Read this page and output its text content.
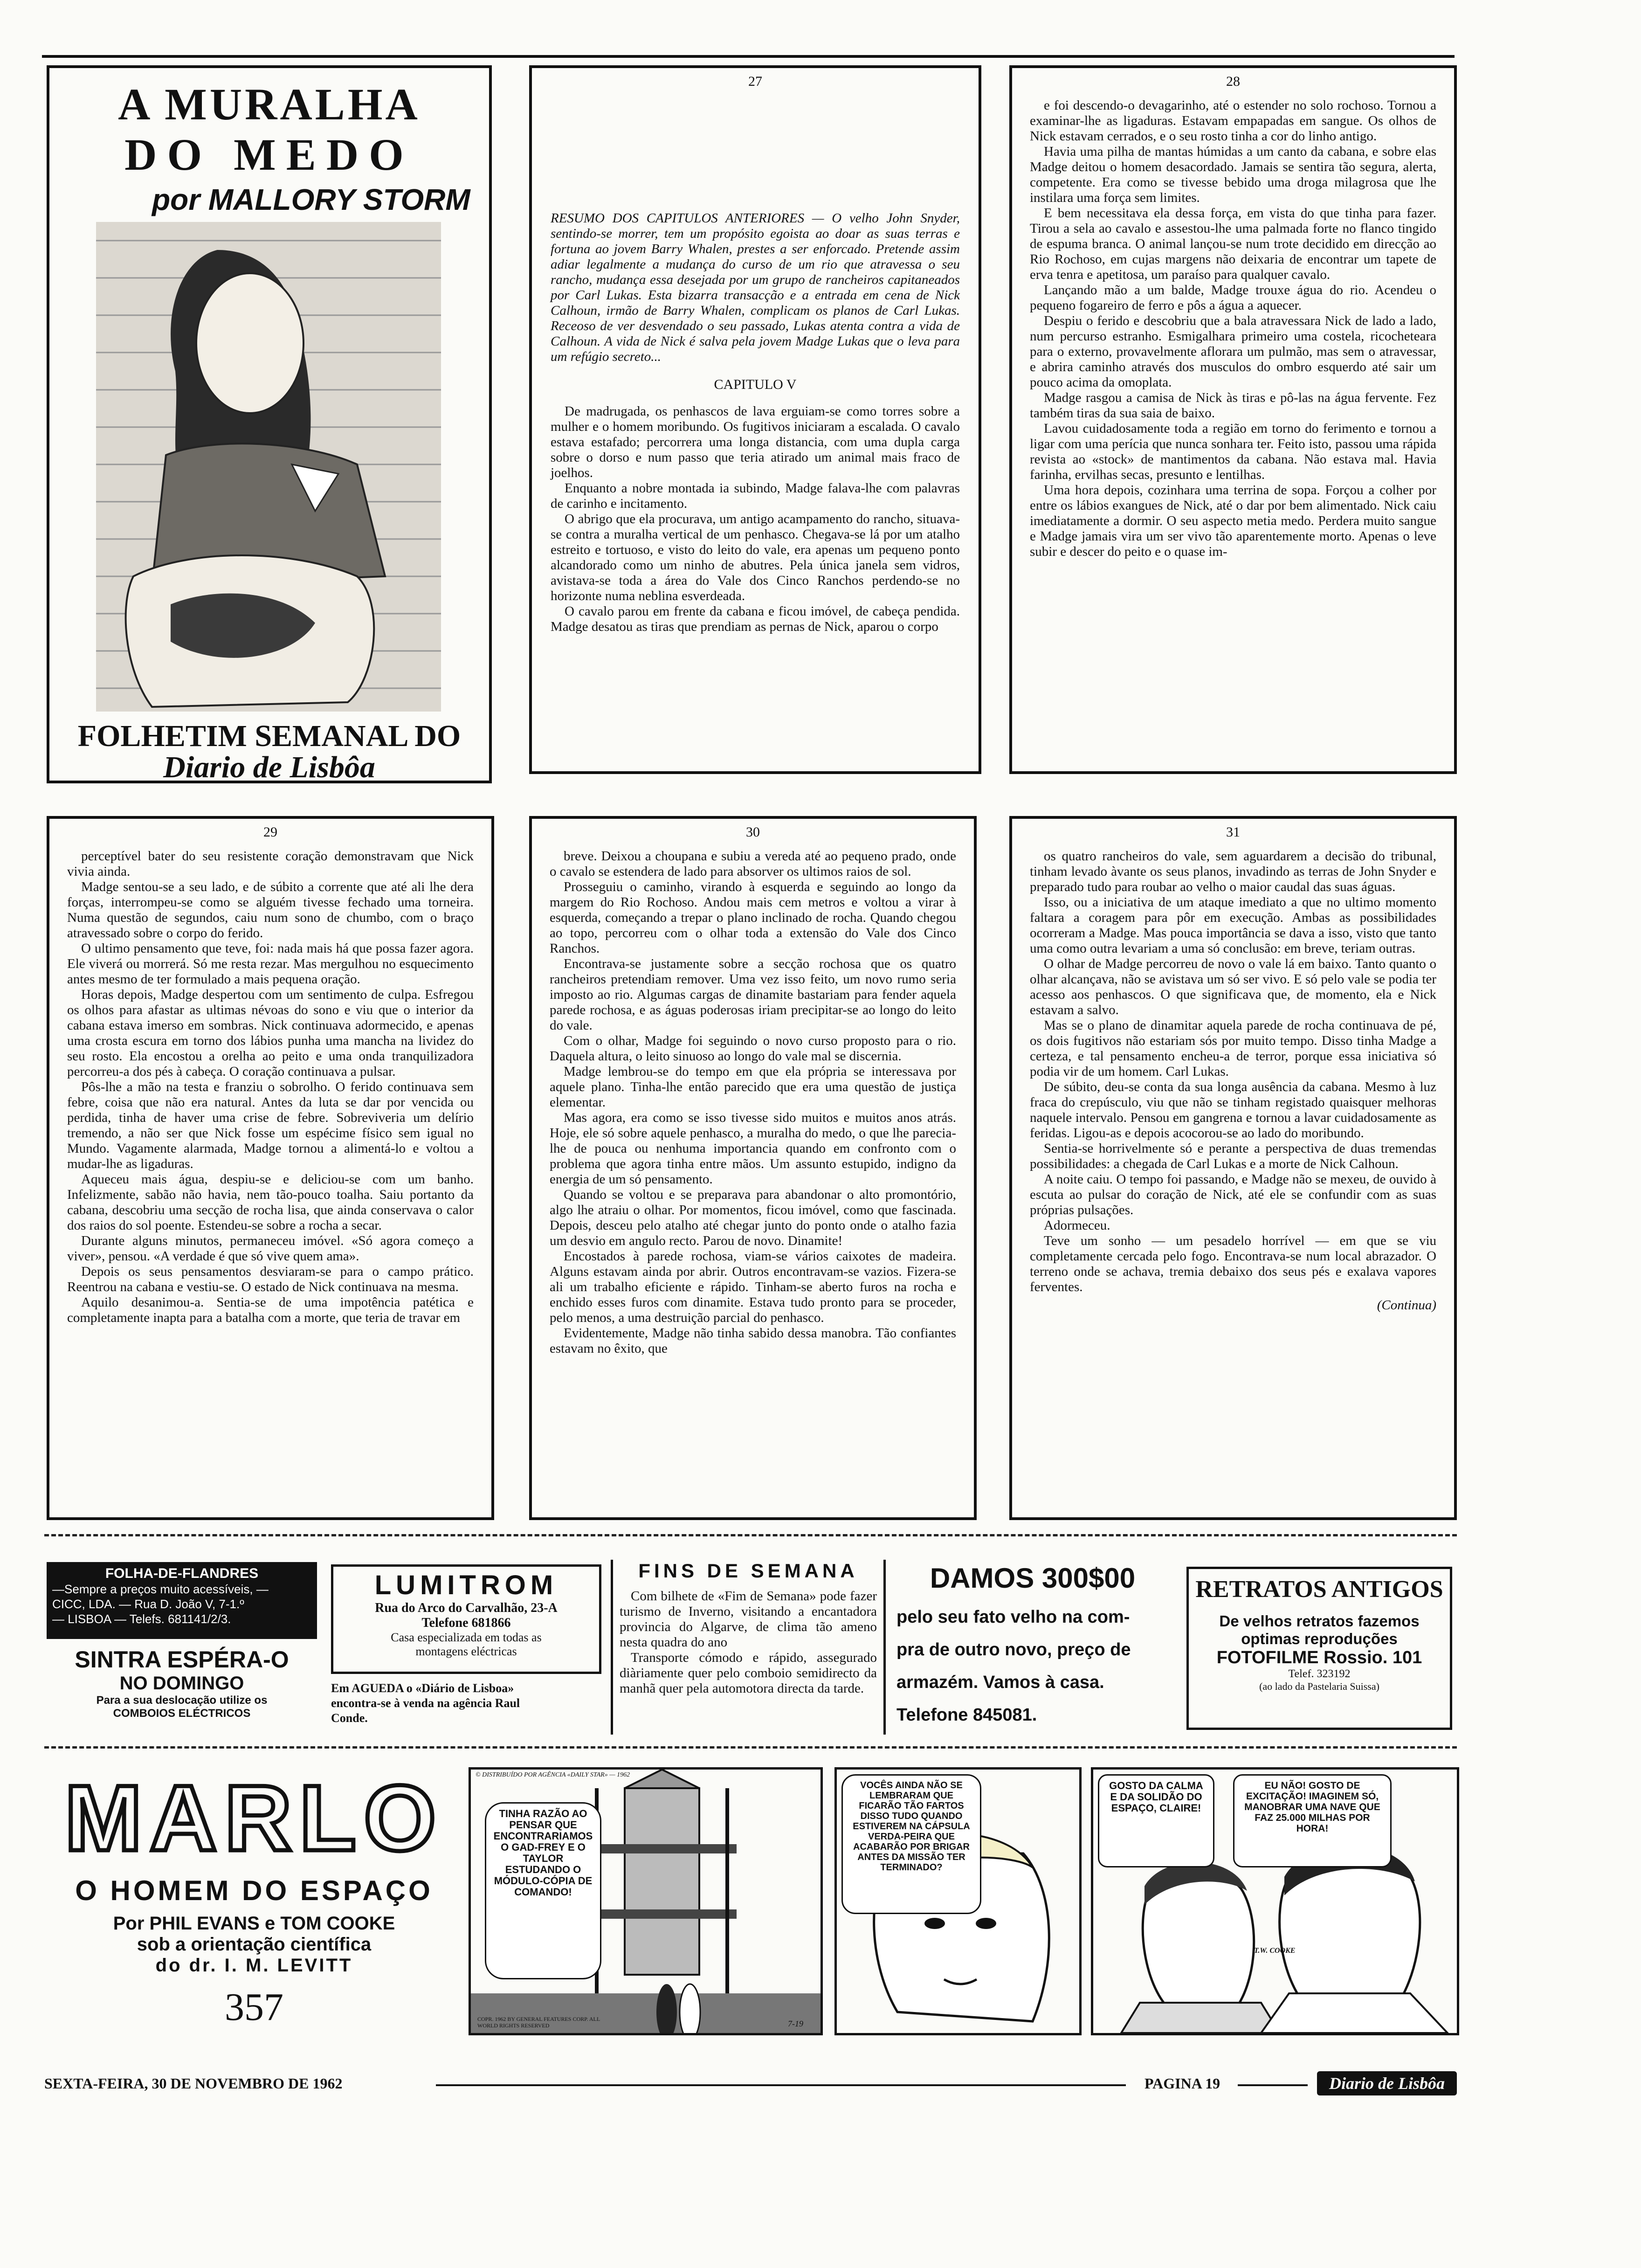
A MURALHA
DO MEDO
por MALLORY STORM
FOLHETIM SEMANAL DO
Diario de Lisbôa
27
RESUMO DOS CAPITULOS ANTERIORES — O velho John Snyder, sentindo-se morrer, tem um propósito egoista ao doar as suas terras e fortuna ao jovem Barry Whalen, prestes a ser enforcado. Pretende assim adiar legalmente a mudança do curso de um rio que atravessa o seu rancho, mudança essa desejada por um grupo de rancheiros capitaneados por Carl Lukas. Esta bizarra transacção e a entrada em cena de Nick Calhoun, irmão de Barry Whalen, complicam os planos de Carl Lukas. Receoso de ver desvendado o seu passado, Lukas atenta contra a vida de Calhoun. A vida de Nick é salva pela jovem Madge Lukas que o leva para um refúgio secreto...
CAPITULO V

De madrugada, os penhascos de lava erguiam-se como torres sobre a mulher e o homem moribundo. Os fugitivos iniciaram a escalada. O cavalo estava estafado; percorrera uma longa distancia, com uma dupla carga sobre o dorso e num passo que teria atirado um animal mais fraco de joelhos.

Enquanto a nobre montada ia subindo, Madge falava-lhe com palavras de carinho e incitamento.

O abrigo que ela procurava, um antigo acampamento do rancho, situava-se contra a muralha vertical de um penhasco. Chegava-se lá por um atalho estreito e tortuoso, e visto do leito do vale, era apenas um pequeno ponto alcandorado como um ninho de abutres. Pela única janela sem vidros, avistava-se toda a área do Vale dos Cinco Ranchos perdendo-se no horizonte numa neblina esverdeada.

O cavalo parou em frente da cabana e ficou imóvel, de cabeça pendida. Madge desatou as tiras que prendiam as pernas de Nick, aparou o corpo

28

e foi descendo-o devagarinho, até o estender no solo rochoso. Tornou a examinar-lhe as ligaduras. Estavam empapadas em sangue. Os olhos de Nick estavam cerrados, e o seu rosto tinha a cor do linho antigo.

Havia uma pilha de mantas húmidas a um canto da cabana, e sobre elas Madge deitou o homem desacordado. Jamais se sentira tão segura, alerta, competente. Era como se tivesse bebido uma droga milagrosa que lhe instilara uma força sem limites.

E bem necessitava ela dessa força, em vista do que tinha para fazer. Tirou a sela ao cavalo e assestou-lhe uma palmada forte no flanco tingido de espuma branca. O animal lançou-se num trote decidido em direcção ao Rio Rochoso, em cujas margens não deixaria de encontrar um tapete de erva tenra e apetitosa, um paraíso para qualquer cavalo.

Lançando mão a um balde, Madge trouxe água do rio. Acendeu o pequeno fogareiro de ferro e pôs a água a aquecer.

Despiu o ferido e descobriu que a bala atravessara Nick de lado a lado, num percurso estranho. Esmigalhara primeiro uma costela, ricocheteara para o externo, provavelmente aflorara um pulmão, mas sem o atravessar, e abrira caminho através dos musculos do ombro esquerdo até sair um pouco acima da omoplata.

Madge rasgou a camisa de Nick às tiras e pô-las na água fervente. Fez também tiras da sua saia de baixo.

Lavou cuidadosamente toda a região em torno do ferimento e tornou a ligar com uma perícia que nunca sonhara ter. Feito isto, passou uma rápida revista ao «stock» de mantimentos da cabana. Não estava mal. Havia farinha, ervilhas secas, presunto e lentilhas.

Uma hora depois, cozinhara uma terrina de sopa. Forçou a colher por entre os lábios exangues de Nick, até o dar por bem alimentado. Nick caiu imediatamente a dormir. O seu aspecto metia medo. Perdera muito sangue e Madge jamais vira um ser vivo tão aparentemente morto. Apenas o leve subir e descer do peito e o quase im-

29

perceptível bater do seu resistente coração demonstravam que Nick vivia ainda.

Madge sentou-se a seu lado, e de súbito a corrente que até ali lhe dera forças, interrompeu-se como se alguém tivesse fechado uma torneira. Numa questão de segundos, caiu num sono de chumbo, com o braço atravessado sobre o corpo do ferido.

O ultimo pensamento que teve, foi: nada mais há que possa fazer agora. Ele viverá ou morrerá. Só me resta rezar. Mas mergulhou no esquecimento antes mesmo de ter formulado a mais pequena oração.

Horas depois, Madge despertou com um sentimento de culpa. Esfregou os olhos para afastar as ultimas névoas do sono e viu que o interior da cabana estava imerso em sombras. Nick continuava adormecido, e apenas uma crosta escura em torno dos lábios punha uma mancha na lividez do seu rosto. Ela encostou a orelha ao peito e uma onda tranquilizadora percorreu-a dos pés à cabeça. O coração continuava a pulsar.

Pôs-lhe a mão na testa e franziu o sobrolho. O ferido continuava sem febre, coisa que não era natural. Antes da luta se dar por vencida ou perdida, tinha de haver uma crise de febre. Sobreviveria um delírio tremendo, a não ser que Nick fosse um espécime físico sem igual no Mundo. Vagamente alarmada, Madge tornou a alimentá-lo e voltou a mudar-lhe as ligaduras.

Aqueceu mais água, despiu-se e deliciou-se com um banho. Infelizmente, sabão não havia, nem tão-pouco toalha. Saiu portanto da cabana, descobriu uma secção de rocha lisa, que ainda conservava o calor dos raios do sol poente. Estendeu-se sobre a rocha a secar.

Durante alguns minutos, permaneceu imóvel. «Só agora começo a viver», pensou. «A verdade é que só vive quem ama».

Depois os seus pensamentos desviaram-se para o campo prático. Reentrou na cabana e vestiu-se. O estado de Nick continuava na mesma.

Aquilo desanimou-a. Sentia-se de uma impotência patética e completamente inapta para a batalha com a morte, que teria de travar em

30

breve. Deixou a choupana e subiu a vereda até ao pequeno prado, onde o cavalo se estendera de lado para absorver os ultimos raios de sol.

Prosseguiu o caminho, virando à esquerda e seguindo ao longo da margem do Rio Rochoso. Andou mais cem metros e voltou a virar à esquerda, começando a trepar o plano inclinado de rocha. Quando chegou ao topo, percorreu com o olhar toda a extensão do Vale dos Cinco Ranchos.

Encontrava-se justamente sobre a secção rochosa que os quatro rancheiros pretendiam remover. Uma vez isso feito, um novo rumo seria imposto ao rio. Algumas cargas de dinamite bastariam para fender aquela parede rochosa, e as águas poderosas iriam precipitar-se ao longo do leito do vale.

Com o olhar, Madge foi seguindo o novo curso proposto para o rio. Daquela altura, o leito sinuoso ao longo do vale mal se discernia.

Madge lembrou-se do tempo em que ela própria se interessava por aquele plano. Tinha-lhe então parecido que era uma questão de justiça elementar.

Mas agora, era como se isso tivesse sido muitos e muitos anos atrás. Hoje, ele só sobre aquele penhasco, a muralha do medo, o que lhe parecia-lhe de pouca ou nenhuma importancia quando em confronto com o problema que agora tinha entre mãos. Um assunto estupido, indigno da energia de um só pensamento.

Quando se voltou e se preparava para abandonar o alto promontório, algo lhe atraiu o olhar. Por momentos, ficou imóvel, como que fascinada. Depois, desceu pelo atalho até chegar junto do ponto onde o atalho fazia um desvio em angulo recto. Parou de novo. Dinamite!

Encostados à parede rochosa, viam-se vários caixotes de madeira. Alguns estavam ainda por abrir. Outros encontravam-se vazios. Fizera-se ali um trabalho eficiente e rápido. Tinham-se aberto furos na rocha e enchido esses furos com dinamite. Estava tudo pronto para se proceder, pelo menos, a uma destruição parcial do penhasco.

Evidentemente, Madge não tinha sabido dessa manobra. Tão confiantes estavam no êxito, que

31

os quatro rancheiros do vale, sem aguardarem a decisão do tribunal, tinham levado àvante os seus planos, invadindo as terras de John Snyder e preparado tudo para roubar ao velho o maior caudal das suas águas.

Isso, ou a iniciativa de um ataque imediato a que no ultimo momento faltara a coragem para pôr em execução. Ambas as possibilidades ocorreram a Madge. Mas pouca importância se dava a isso, visto que tanto uma como outra levariam a uma só conclusão: em breve, teriam outras.

O olhar de Madge percorreu de novo o vale lá em baixo. Tanto quanto o olhar alcançava, não se avistava um só ser vivo. E só pelo vale se podia ter acesso aos penhascos. O que significava que, de momento, ela e Nick estavam a salvo.

Mas se o plano de dinamitar aquela parede de rocha continuava de pé, os dois fugitivos não estariam sós por muito tempo. Disso tinha Madge a certeza, e tal pensamento encheu-a de terror, porque essa iniciativa só podia vir de um homem. Carl Lukas.

De súbito, deu-se conta da sua longa ausência da cabana. Mesmo à luz fraca do crepúsculo, viu que não se tinham registado quaisquer melhoras naquele intervalo. Pensou em gangrena e tornou a lavar cuidadosamente as feridas. Ligou-as e depois acocorou-se ao lado do moribundo.

Sentia-se horrivelmente só e perante a perspectiva de duas tremendas possibilidades: a chegada de Carl Lukas e a morte de Nick Calhoun.

A noite caiu. O tempo foi passando, e Madge não se mexeu, de ouvido à escuta ao pulsar do coração de Nick, até ele se confundir com as suas próprias pulsações.

Adormeceu.

Teve um sonho — um pesadelo horrível — em que se viu completamente cercada pelo fogo. Encontrava-se num local abrazador. O terreno onde se achava, tremia debaixo dos seus pés e exalava vapores ferventes.

(Continua)
FOLHA-DE-FLANDRES
—Sempre a preços muito acessíveis, —
CICC, LDA. — Rua D. João V, 7-1.º
— LISBOA — Telefs. 681141/2/3.
SINTRA ESPÉRA-O
NO DOMINGO
Para a sua deslocação utilize os
COMBOIOS ELÉCTRICOS
LUMITROM
Rua do Arco do Carvalhão, 23-A
Telefone 681866
Casa especializada em todas as
montagens eléctricas
Em AGUEDA o «Diário de Lisboa»
encontra-se à venda na agência Raul
Conde.
FINS DE SEMANA
Com bilhete de «Fim de Semana» pode fazer turismo de Inverno, visitando a encantadora provincia do Algarve, de clima tão ameno nesta quadra do ano
Transporte cómodo e rápido, assegurado diàriamente quer pelo comboio semidirecto da manhã quer pela automotora directa da tarde.
DAMOS 300$00
pelo seu fato velho na com-
pra de outro novo, preço de
armazém. Vamos à casa.
Telefone 845081.
RETRATOS ANTIGOS
De velhos retratos fazemos
optimas reproduções
FOTOFILME Rossio. 101
Telef. 323192
(ao lado da Pastelaria Suissa)
MARLO
O HOMEM DO ESPAÇO
Por PHIL EVANS e TOM COOKE
sob a orientação científica
do dr. I. M. LEVITT
357
© DISTRIBUÍDO POR AGÊNCIA «DAILY STAR» — 1962
TINHA RAZÃO AO PENSAR QUE ENCONTRARIAMOS O GAD-FREY E O TAYLOR ESTUDANDO O MÓDULO-CÓPIA DE COMANDO!
COPR. 1962 BY GENERAL FEATURES CORP. ALL WORLD RIGHTS RESERVED	7-19
VOCÊS AINDA NÃO SE LEMBRARAM QUE FICARÃO TÃO FARTOS DISSO TUDO QUANDO ESTIVEREM NA CÁPSULA VERDA-PEIRA QUE ACABARÃO POR BRIGAR ANTES DA MISSÃO TER TERMINADO?
GOSTO DA CALMA E DA SOLIDÃO DO ESPAÇO, CLAIRE!
EU NÃO! GOSTO DE EXCITAÇÃO! IMAGINEM SÓ, MANOBRAR UMA NAVE QUE FAZ 25.000 MILHAS POR HORA!
T.W. COOKE
SEXTA-FEIRA, 30 DE NOVEMBRO DE 1962	PAGINA 19	Diario de Lisbôa
